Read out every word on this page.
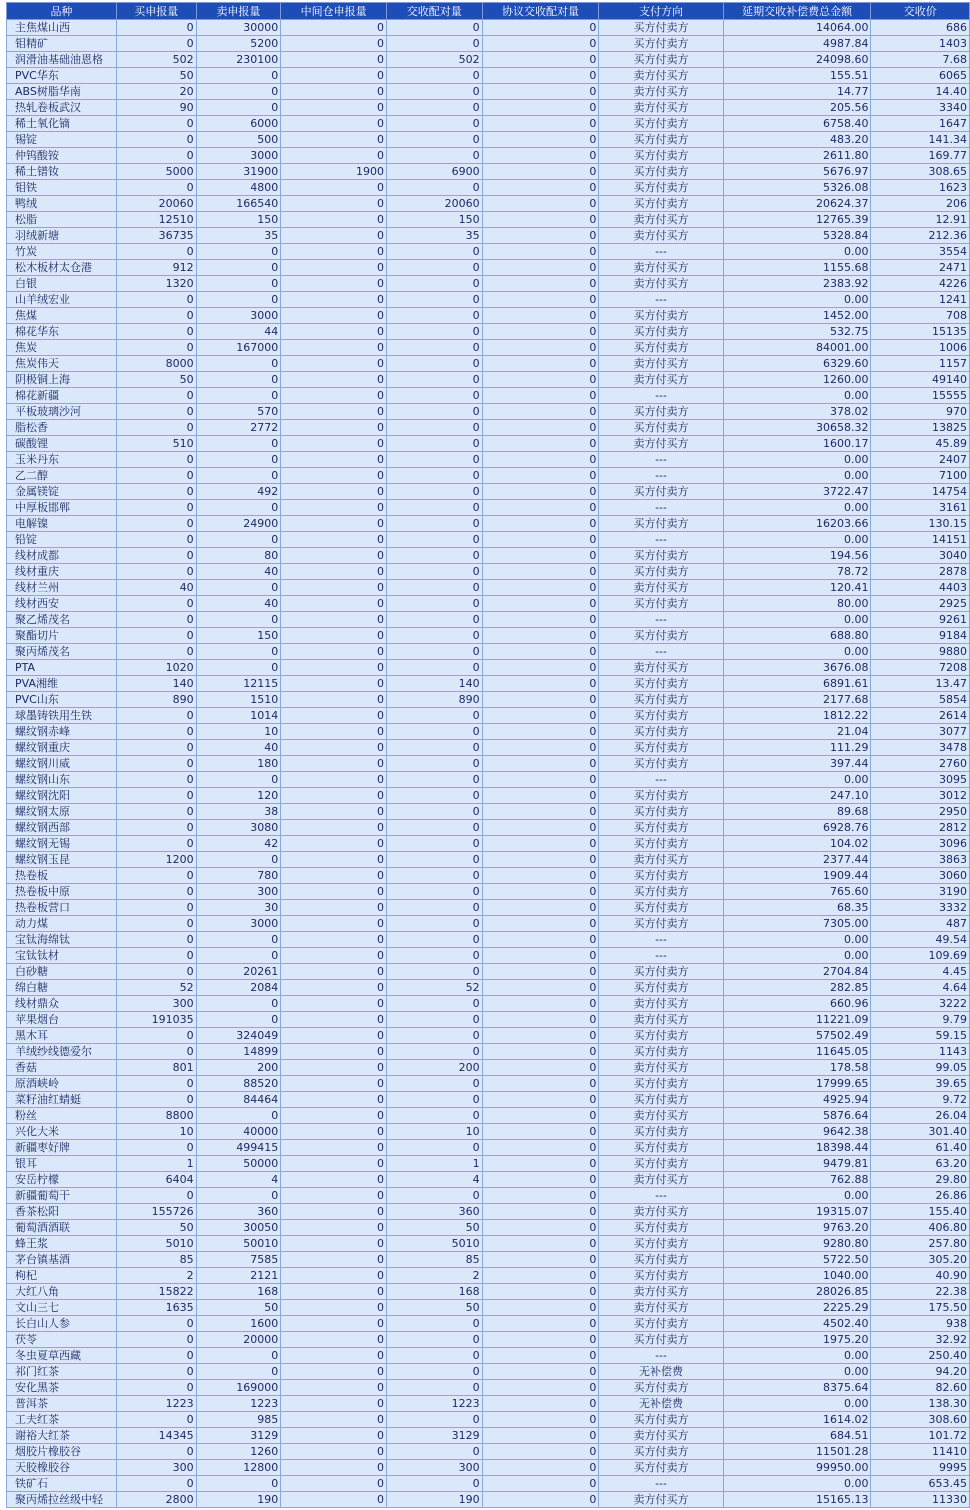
品种	买申报量	卖申报量	中间仓申报量	交收配对量	协议交收配对量	支付方向	延期交收补偿费总金额	交收价
主焦煤山西	0	30000	0	0	0	买方付卖方	14064.00	686
钼精矿	0	5200	0	0	0	买方付卖方	4987.84	1403
润滑油基础油恩格	502	230100	0	502	0	买方付卖方	24098.60	7.68
PVC华东	50	0	0	0	0	卖方付买方	155.51	6065
ABS树脂华南	20	0	0	0	0	卖方付买方	14.77	14.40
热轧卷板武汉	90	0	0	0	0	卖方付买方	205.56	3340
稀土氧化镝	0	6000	0	0	0	买方付卖方	6758.40	1647
锡锭	0	500	0	0	0	买方付卖方	483.20	141.34
仲钨酸铵	0	3000	0	0	0	买方付卖方	2611.80	169.77
稀土镨钕	5000	31900	1900	6900	0	买方付卖方	5676.97	308.65
钼铁	0	4800	0	0	0	买方付卖方	5326.08	1623
鸭绒	20060	166540	0	20060	0	买方付卖方	20624.37	206
松脂	12510	150	0	150	0	卖方付买方	12765.39	12.91
羽绒新塘	36735	35	0	35	0	卖方付买方	5328.84	212.36
竹炭	0	0	0	0	0	---	0.00	3554
松木板材太仓港	912	0	0	0	0	卖方付买方	1155.68	2471
白银	1320	0	0	0	0	卖方付买方	2383.92	4226
山羊绒宏业	0	0	0	0	0	---	0.00	1241
焦煤	0	3000	0	0	0	买方付卖方	1452.00	708
棉花华东	0	44	0	0	0	买方付卖方	532.75	15135
焦炭	0	167000	0	0	0	买方付卖方	84001.00	1006
焦炭伟天	8000	0	0	0	0	卖方付买方	6329.60	1157
阴极铜上海	50	0	0	0	0	卖方付买方	1260.00	49140
棉花新疆	0	0	0	0	0	---	0.00	15555
平板玻璃沙河	0	570	0	0	0	买方付卖方	378.02	970
脂松香	0	2772	0	0	0	买方付卖方	30658.32	13825
碳酸锂	510	0	0	0	0	卖方付买方	1600.17	45.89
玉米丹东	0	0	0	0	0	---	0.00	2407
乙二醇	0	0	0	0	0	---	0.00	7100
金属镁锭	0	492	0	0	0	买方付卖方	3722.47	14754
中厚板邯郸	0	0	0	0	0	---	0.00	3161
电解镍	0	24900	0	0	0	买方付卖方	16203.66	130.15
铅锭	0	0	0	0	0	---	0.00	14151
线材成都	0	80	0	0	0	买方付卖方	194.56	3040
线材重庆	0	40	0	0	0	买方付卖方	78.72	2878
线材兰州	40	0	0	0	0	卖方付买方	120.41	4403
线材西安	0	40	0	0	0	买方付卖方	80.00	2925
聚乙烯茂名	0	0	0	0	0	---	0.00	9261
聚酯切片	0	150	0	0	0	买方付卖方	688.80	9184
聚丙烯茂名	0	0	0	0	0	---	0.00	9880
PTA	1020	0	0	0	0	卖方付买方	3676.08	7208
PVA湘维	140	12115	0	140	0	买方付卖方	6891.61	13.47
PVC山东	890	1510	0	890	0	买方付卖方	2177.68	5854
球墨铸铁用生铁	0	1014	0	0	0	买方付卖方	1812.22	2614
螺纹钢赤峰	0	10	0	0	0	买方付卖方	21.04	3077
螺纹钢重庆	0	40	0	0	0	买方付卖方	111.29	3478
螺纹钢川威	0	180	0	0	0	买方付卖方	397.44	2760
螺纹钢山东	0	0	0	0	0	---	0.00	3095
螺纹钢沈阳	0	120	0	0	0	买方付卖方	247.10	3012
螺纹钢太原	0	38	0	0	0	买方付卖方	89.68	2950
螺纹钢西部	0	3080	0	0	0	买方付卖方	6928.76	2812
螺纹钢无锡	0	42	0	0	0	买方付卖方	104.02	3096
螺纹钢玉昆	1200	0	0	0	0	卖方付买方	2377.44	3863
热卷板	0	780	0	0	0	买方付卖方	1909.44	3060
热卷板中原	0	300	0	0	0	买方付卖方	765.60	3190
热卷板营口	0	30	0	0	0	买方付卖方	68.35	3332
动力煤	0	3000	0	0	0	买方付卖方	7305.00	487
宝钛海绵钛	0	0	0	0	0	---	0.00	49.54
宝钛钛材	0	0	0	0	0	---	0.00	109.69
白砂糖	0	20261	0	0	0	买方付卖方	2704.84	4.45
绵白糖	52	2084	0	52	0	买方付卖方	282.85	4.64
线材鼎众	300	0	0	0	0	卖方付买方	660.96	3222
苹果烟台	191035	0	0	0	0	卖方付买方	11221.09	9.79
黑木耳	0	324049	0	0	0	买方付卖方	57502.49	59.15
羊绒纱线德爱尔	0	14899	0	0	0	买方付卖方	11645.05	1143
香菇	801	200	0	200	0	卖方付买方	178.58	99.05
原酒峡岭	0	88520	0	0	0	买方付卖方	17999.65	39.65
菜籽油红蜻蜓	0	84464	0	0	0	买方付卖方	4925.94	9.72
粉丝	8800	0	0	0	0	卖方付买方	5876.64	26.04
兴化大米	10	40000	0	10	0	买方付卖方	9642.38	301.40
新疆枣好牌	0	499415	0	0	0	买方付卖方	18398.44	61.40
银耳	1	50000	0	1	0	买方付卖方	9479.81	63.20
安岳柠檬	6404	4	0	4	0	卖方付买方	762.88	29.80
新疆葡萄干	0	0	0	0	0	---	0.00	26.86
香茶松阳	155726	360	0	360	0	卖方付买方	19315.07	155.40
葡萄酒酒联	50	30050	0	50	0	买方付卖方	9763.20	406.80
蜂王浆	5010	50010	0	5010	0	买方付卖方	9280.80	257.80
茅台镇基酒	85	7585	0	85	0	买方付卖方	5722.50	305.20
枸杞	2	2121	0	2	0	买方付卖方	1040.00	40.90
大红八角	15822	168	0	168	0	卖方付买方	28026.85	22.38
文山三七	1635	50	0	50	0	卖方付买方	2225.29	175.50
长白山人参	0	1600	0	0	0	买方付卖方	4502.40	938
茯苓	0	20000	0	0	0	买方付卖方	1975.20	32.92
冬虫夏草西藏	0	0	0	0	0	---	0.00	250.40
祁门红茶	0	0	0	0	0	无补偿费	0.00	94.20
安化黑茶	0	169000	0	0	0	买方付卖方	8375.64	82.60
普洱茶	1223	1223	0	1223	0	无补偿费	0.00	138.30
工夫红茶	0	985	0	0	0	买方付卖方	1614.02	308.60
谢裕大红茶	14345	3129	0	3129	0	卖方付买方	684.51	101.72
烟胶片橡胶谷	0	1260	0	0	0	买方付卖方	11501.28	11410
天胶橡胶谷	300	12800	0	300	0	买方付卖方	99950.00	9995
铁矿石	0	0	0	0	0	---	0.00	653.45
聚丙烯拉丝级中轻	2800	190	0	190	0	卖方付买方	15165.13	11330
